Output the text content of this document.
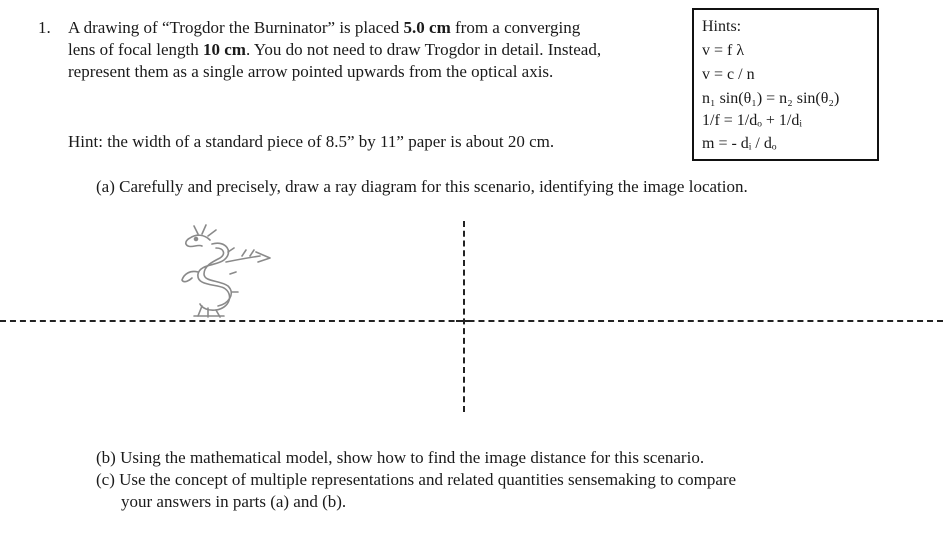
1. A drawing of “Trogdor the Burninator” is placed 5.0 cm from a converging
lens of focal length 10 cm. You do not need to draw Trogdor in detail. Instead,
represent them as a single arrow pointed upwards from the optical axis.
Hint: the width of a standard piece of 8.5” by 11” paper is about 20 cm.
Hints:
v = f λ
v = c / n
n₁ sin(θ₁) = n₂ sin(θ₂)
1/f = 1/dₒ + 1/dᵢ
m = - dᵢ / dₒ
(a) Carefully and precisely, draw a ray diagram for this scenario, identifying the image location.
(b) Using the mathematical model, show how to find the image distance for this scenario.
(c) Use the concept of multiple representations and related quantities sensemaking to compare
your answers in parts (a) and (b).
